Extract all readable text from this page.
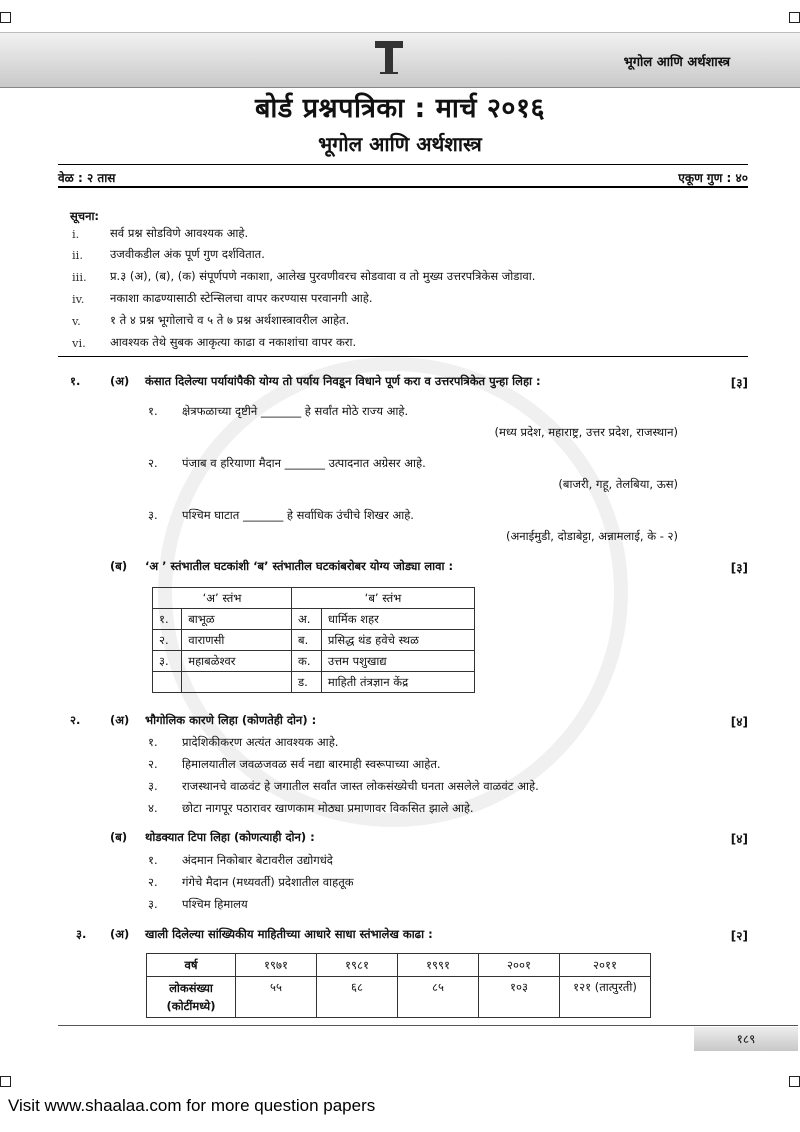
भूगोल आणि अर्थशास्त्र
बोर्ड प्रश्नपत्रिका : मार्च २०१६
भूगोल आणि अर्थशास्त्र
वेळ : २ तास	एकूण गुण : ४०
सूचना:
i.	सर्व प्रश्न सोडविणे आवश्यक आहे.
ii. उजवीकडील अंक पूर्ण गुण दर्शवितात.
iii. प्र.३ (अ), (ब), (क) संपूर्णपणे नकाशा, आलेख पुरवणीवरच सोडवावा व तो मुख्य उत्तरपत्रिकेस जोडावा.
iv. नकाशा काढण्यासाठी स्टेन्सिलचा वापर करण्यास परवानगी आहे.
v.	१ ते ४ प्रश्न भूगोलाचे व ५ ते ७ प्रश्न अर्थशास्त्रावरील आहेत.
vi. आवश्यक तेथे सुबक आकृत्या काढा व नकाशांचा वापर करा.
१.	(अ) कंसात दिलेल्या पर्यायांपैकी योग्य तो पर्याय निवडून विधाने पूर्ण करा व उत्तरपत्रिकेत पुन्हा लिहा :	[३]
१. क्षेत्रफळाच्या दृष्टीने _______ हे सर्वांत मोठे राज्य आहे.
(मध्य प्रदेश, महाराष्ट्र, उत्तर प्रदेश, राजस्थान)
२. पंजाब व हरियाणा मैदान _______ उत्पादनात अग्रेसर आहे.
(बाजरी, गहू, तेलबिया, ऊस)
३. पश्चिम घाटात _______ हे सर्वाधिक उंचीचे शिखर आहे.
(अनाईमुडी, दोडाबेट्टा, अन्नामलाई, के - २)
(ब) ‘अ ’ स्तंभातील घटकांशी ‘ब’ स्तंभातील घटकांबरोबर योग्य जोड्या लावा :	[३]
‘अ’ स्तंभ		‘ब’ स्तंभ	
१.	बाभूळ	अ.	धार्मिक शहर
२.	वाराणसी	ब.	प्रसिद्ध थंड हवेचे स्थळ
३.	महाबळेश्वर	क.	उत्तम पशुखाद्य
		ड.	माहिती तंत्रज्ञान केंद्र
२.	(अ) भौगोलिक कारणे लिहा (कोणतेही दोन) :	[४]
१. प्रादेशिकीकरण अत्यंत आवश्यक आहे.
२. हिमालयातील जवळजवळ सर्व नद्या बारमाही स्वरूपाच्या आहेत.
३. राजस्थानचे वाळवंट हे जगातील सर्वांत जास्त लोकसंख्येची घनता असलेले वाळवंट आहे.
४. छोटा नागपूर पठारावर खाणकाम मोठ्या प्रमाणावर विकसित झाले आहे.
(ब) थोडक्यात टिपा लिहा (कोणत्याही दोन) :	[४]
१. अंदमान निकोबार बेटावरील उद्योगधंदे
२. गंगेचे मैदान (मध्यवर्ती) प्रदेशातील वाहतूक
३. पश्चिम हिमालय
३. (अ) खाली दिलेल्या सांख्यिकीय माहितीच्या आधारे साधा स्तंभालेख काढा :	[२]
वर्ष	१९७१	१९८१	१९९१	२००१	२०११
लोकसंख्या
(कोटींमध्ये)	५५	६८	८५	१०३	१२१ (तात्पुरती)
१८९
Visit www.shaalaa.com for more question papers
